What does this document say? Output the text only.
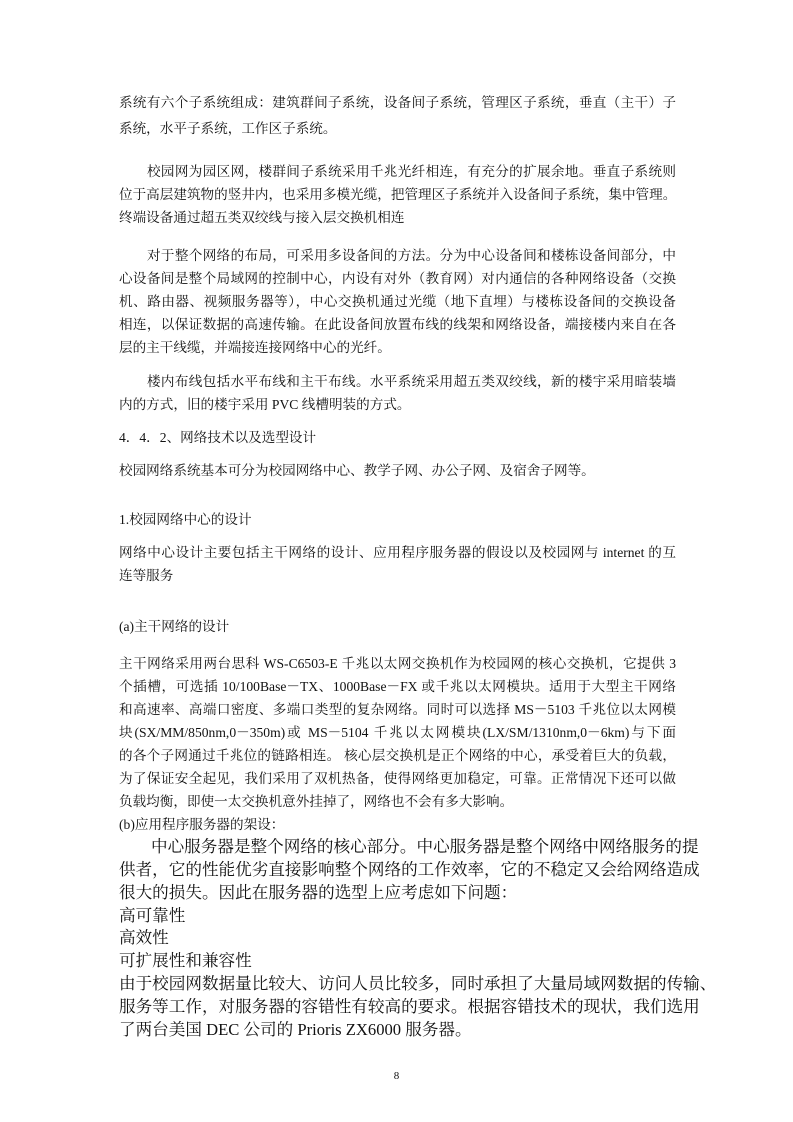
系统有六个子系统组成：建筑群间子系统，设备间子系统，管理区子系统，垂直（主干）子
系统，水平子系统，工作区子系统。
校园网为园区网，楼群间子系统采用千兆光纤相连，有充分的扩展余地。垂直子系统则
位于高层建筑物的竖井内，也采用多模光缆，把管理区子系统并入设备间子系统，集中管理。
终端设备通过超五类双绞线与接入层交换机相连
对于整个网络的布局，可采用多设备间的方法。分为中心设备间和楼栋设备间部分，中
心设备间是整个局域网的控制中心，内设有对外（教育网）对内通信的各种网络设备（交换
机、路由器、视频服务器等），中心交换机通过光缆（地下直埋）与楼栋设备间的交换设备
相连，以保证数据的高速传输。在此设备间放置布线的线架和网络设备，端接楼内来自在各
层的主干线缆，并端接连接网络中心的光纤。
楼内布线包括水平布线和主干布线。水平系统采用超五类双绞线，新的楼宇采用暗装墙
内的方式，旧的楼宇采用 PVC 线槽明装的方式。
4．4．2、网络技术以及选型设计
校园网络系统基本可分为校园网络中心、教学子网、办公子网、及宿舍子网等。
1.校园网络中心的设计
网络中心设计主要包括主干网络的设计、应用程序服务器的假设以及校园网与 internet 的互
连等服务
(a)主干网络的设计
主干网络采用两台思科 WS-C6503-E 千兆以太网交换机作为校园网的核心交换机，它提供 3
个插槽，可选插 10/100Base－TX、1000Base－FX 或千兆以太网模块。适用于大型主干网络
和高速率、高端口密度、多端口类型的复杂网络。同时可以选择 MS－5103 千兆位以太网模
块(SX/MM/850nm,0－350m)或 MS－5104 千兆以太网模块(LX/SM/1310nm,0－6km)与下面
的各个子网通过千兆位的链路相连。 核心层交换机是正个网络的中心，承受着巨大的负载，
为了保证安全起见，我们采用了双机热备，使得网络更加稳定，可靠。正常情况下还可以做
负载均衡，即使一太交换机意外挂掉了，网络也不会有多大影响。
(b)应用程序服务器的架设：
中心服务器是整个网络的核心部分。中心服务器是整个网络中网络服务的提
供者，它的性能优劣直接影响整个网络的工作效率，它的不稳定又会给网络造成
很大的损失。因此在服务器的选型上应考虑如下问题：
高可靠性
高效性
可扩展性和兼容性
由于校园网数据量比较大、访问人员比较多，同时承担了大量局域网数据的传输、
服务等工作，对服务器的容错性有较高的要求。根据容错技术的现状，我们选用
了两台美国 DEC 公司的 Prioris ZX6000 服务器。
8
